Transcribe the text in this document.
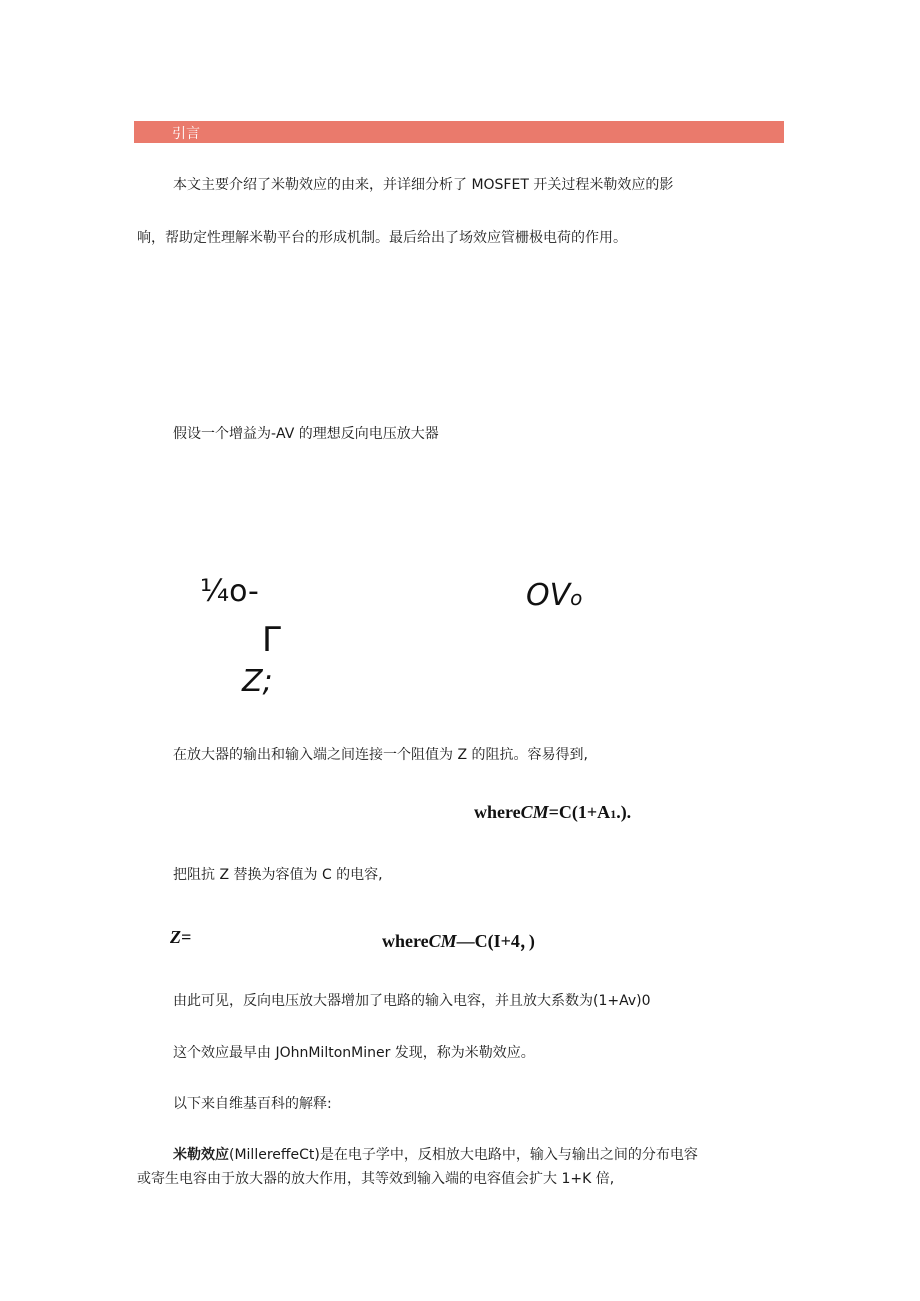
引言
本文主要介绍了米勒效应的由来，并详细分析了 MOSFET 开关过程米勒效应的影
响，帮助定性理解米勒平台的形成机制。最后给出了场效应管栅极电荷的作用。
假设一个增益为-AV 的理想反向电压放大器
¼o-	OVo
Γ
Z;
在放大器的输出和输入端之间连接一个阻值为 Z 的阻抗。容易得到,
whereCM=C(1+A1.).
把阻抗 Z 替换为容值为 C 的电容,
Z=	whereCM—C(I+4，)
由此可见，反向电压放大器增加了电路的输入电容，并且放大系数为(1+Av)0
这个效应最早由 JOhnMiltonMiner 发现，称为米勒效应。
以下来自维基百科的解释:
米勒效应(MillereffeCt)是在电子学中，反相放大电路中，输入与输出之间的分布电容
或寄生电容由于放大器的放大作用，其等效到输入端的电容值会扩大 1+K 倍,
